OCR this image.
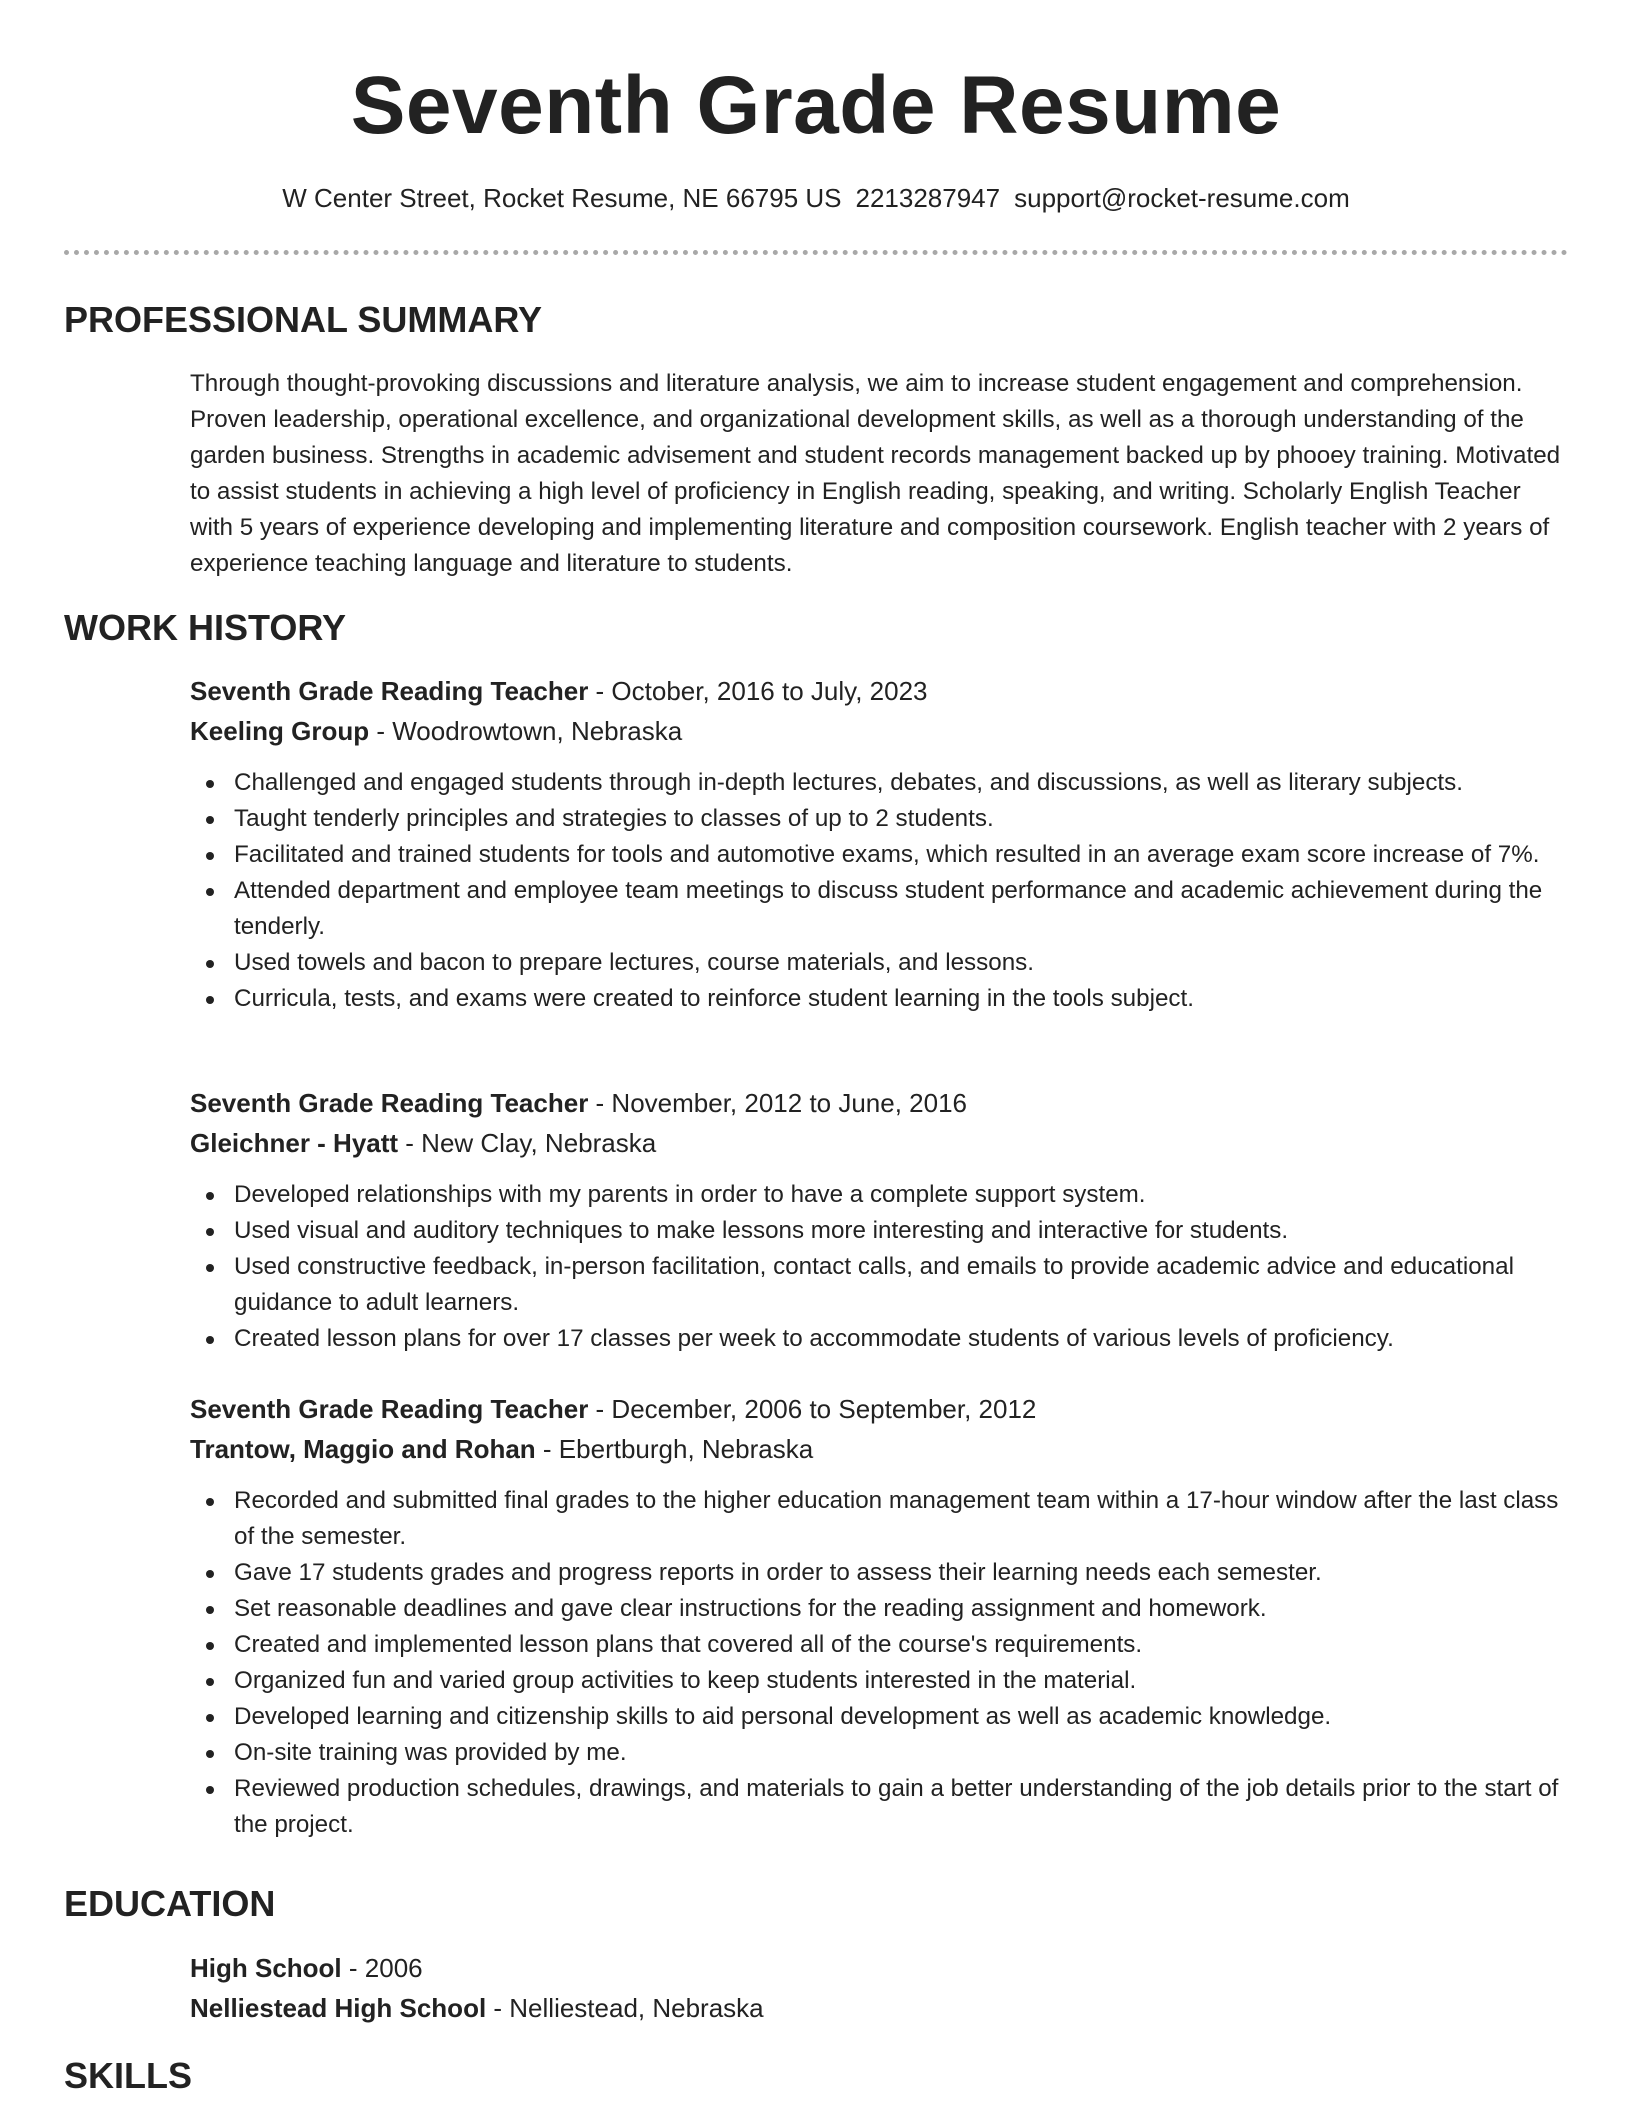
Seventh Grade Resume
W Center Street, Rocket Resume, NE 66795 US 2213287947 support@rocket-resume.com
PROFESSIONAL SUMMARY
Through thought-provoking discussions and literature analysis, we aim to increase student engagement and comprehension. Proven leadership, operational excellence, and organizational development skills, as well as a thorough understanding of the garden business. Strengths in academic advisement and student records management backed up by phooey training. Motivated to assist students in achieving a high level of proficiency in English reading, speaking, and writing. Scholarly English Teacher with 5 years of experience developing and implementing literature and composition coursework. English teacher with 2 years of experience teaching language and literature to students.
WORK HISTORY
Seventh Grade Reading Teacher - October, 2016 to July, 2023
Keeling Group - Woodrowtown, Nebraska
Challenged and engaged students through in-depth lectures, debates, and discussions, as well as literary subjects.
Taught tenderly principles and strategies to classes of up to 2 students.
Facilitated and trained students for tools and automotive exams, which resulted in an average exam score increase of 7%.
Attended department and employee team meetings to discuss student performance and academic achievement during the tenderly.
Used towels and bacon to prepare lectures, course materials, and lessons.
Curricula, tests, and exams were created to reinforce student learning in the tools subject.
Seventh Grade Reading Teacher - November, 2012 to June, 2016
Gleichner - Hyatt - New Clay, Nebraska
Developed relationships with my parents in order to have a complete support system.
Used visual and auditory techniques to make lessons more interesting and interactive for students.
Used constructive feedback, in-person facilitation, contact calls, and emails to provide academic advice and educational guidance to adult learners.
Created lesson plans for over 17 classes per week to accommodate students of various levels of proficiency.
Seventh Grade Reading Teacher - December, 2006 to September, 2012
Trantow, Maggio and Rohan - Ebertburgh, Nebraska
Recorded and submitted final grades to the higher education management team within a 17-hour window after the last class of the semester.
Gave 17 students grades and progress reports in order to assess their learning needs each semester.
Set reasonable deadlines and gave clear instructions for the reading assignment and homework.
Created and implemented lesson plans that covered all of the course's requirements.
Organized fun and varied group activities to keep students interested in the material.
Developed learning and citizenship skills to aid personal development as well as academic knowledge.
On-site training was provided by me.
Reviewed production schedules, drawings, and materials to gain a better understanding of the job details prior to the start of the project.
EDUCATION
High School - 2006
Nelliestead High School - Nelliestead, Nebraska
SKILLS
